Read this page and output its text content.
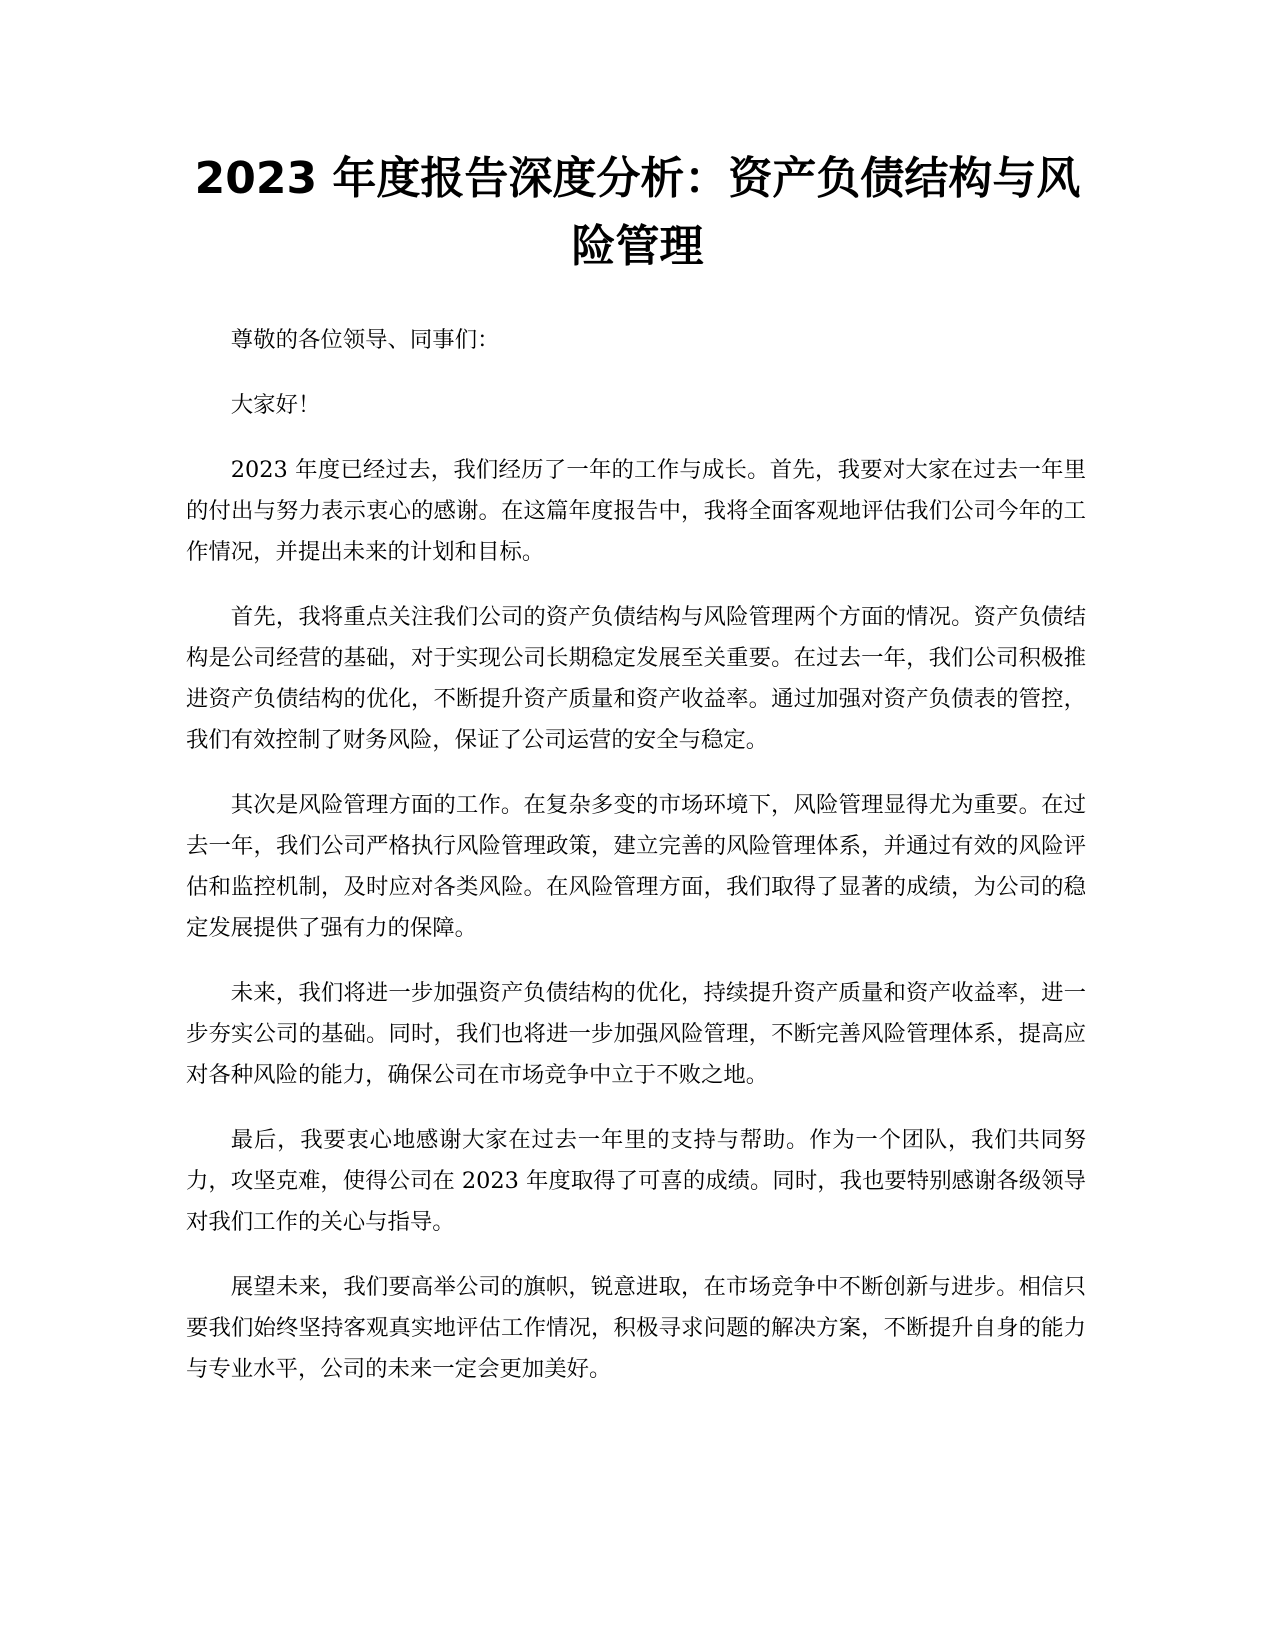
2023 年度报告深度分析：资产负债结构与风险管理

尊敬的各位领导、同事们：

大家好！

2023 年度已经过去，我们经历了一年的工作与成长。首先，我要对大家在过去一年里的付出与努力表示衷心的感谢。在这篇年度报告中，我将全面客观地评估我们公司今年的工作情况，并提出未来的计划和目标。

首先，我将重点关注我们公司的资产负债结构与风险管理两个方面的情况。资产负债结构是公司经营的基础，对于实现公司长期稳定发展至关重要。在过去一年，我们公司积极推进资产负债结构的优化，不断提升资产质量和资产收益率。通过加强对资产负债表的管控，我们有效控制了财务风险，保证了公司运营的安全与稳定。

其次是风险管理方面的工作。在复杂多变的市场环境下，风险管理显得尤为重要。在过去一年，我们公司严格执行风险管理政策，建立完善的风险管理体系，并通过有效的风险评估和监控机制，及时应对各类风险。在风险管理方面，我们取得了显著的成绩，为公司的稳定发展提供了强有力的保障。

未来，我们将进一步加强资产负债结构的优化，持续提升资产质量和资产收益率，进一步夯实公司的基础。同时，我们也将进一步加强风险管理，不断完善风险管理体系，提高应对各种风险的能力，确保公司在市场竞争中立于不败之地。

最后，我要衷心地感谢大家在过去一年里的支持与帮助。作为一个团队，我们共同努力，攻坚克难，使得公司在 2023 年度取得了可喜的成绩。同时，我也要特别感谢各级领导对我们工作的关心与指导。

展望未来，我们要高举公司的旗帜，锐意进取，在市场竞争中不断创新与进步。相信只要我们始终坚持客观真实地评估工作情况，积极寻求问题的解决方案，不断提升自身的能力与专业水平，公司的未来一定会更加美好。
